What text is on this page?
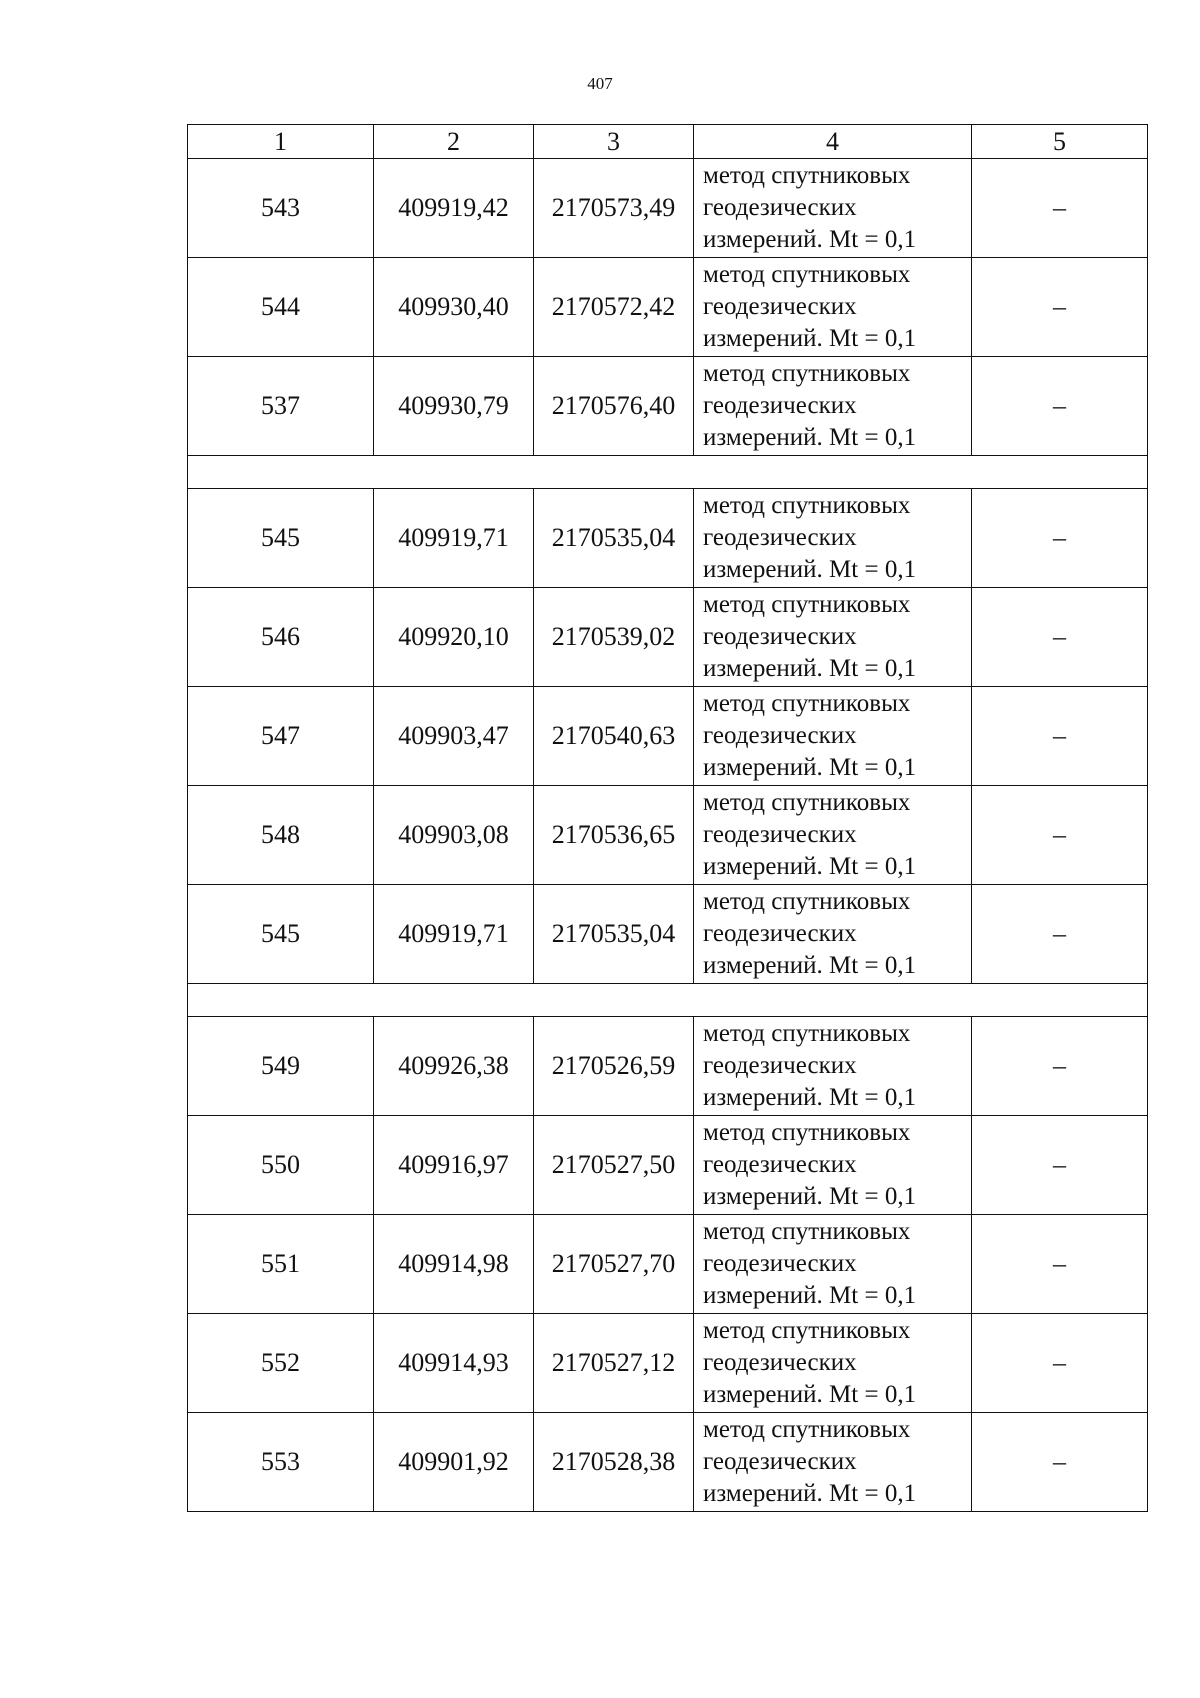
407
1	2	3	4	5
543	409919,42	2170573,49	метод спутниковых
геодезических
измерений. Mt = 0,1	–
544	409930,40	2170572,42	метод спутниковых
геодезических
измерений. Mt = 0,1	–
537	409930,79	2170576,40	метод спутниковых
геодезических
измерений. Mt = 0,1	–

545	409919,71	2170535,04	метод спутниковых
геодезических
измерений. Mt = 0,1	–
546	409920,10	2170539,02	метод спутниковых
геодезических
измерений. Mt = 0,1	–
547	409903,47	2170540,63	метод спутниковых
геодезических
измерений. Mt = 0,1	–
548	409903,08	2170536,65	метод спутниковых
геодезических
измерений. Mt = 0,1	–
545	409919,71	2170535,04	метод спутниковых
геодезических
измерений. Mt = 0,1	–

549	409926,38	2170526,59	метод спутниковых
геодезических
измерений. Mt = 0,1	–
550	409916,97	2170527,50	метод спутниковых
геодезических
измерений. Mt = 0,1	–
551	409914,98	2170527,70	метод спутниковых
геодезических
измерений. Mt = 0,1	–
552	409914,93	2170527,12	метод спутниковых
геодезических
измерений. Mt = 0,1	–
553	409901,92	2170528,38	метод спутниковых
геодезических
измерений. Mt = 0,1	–
